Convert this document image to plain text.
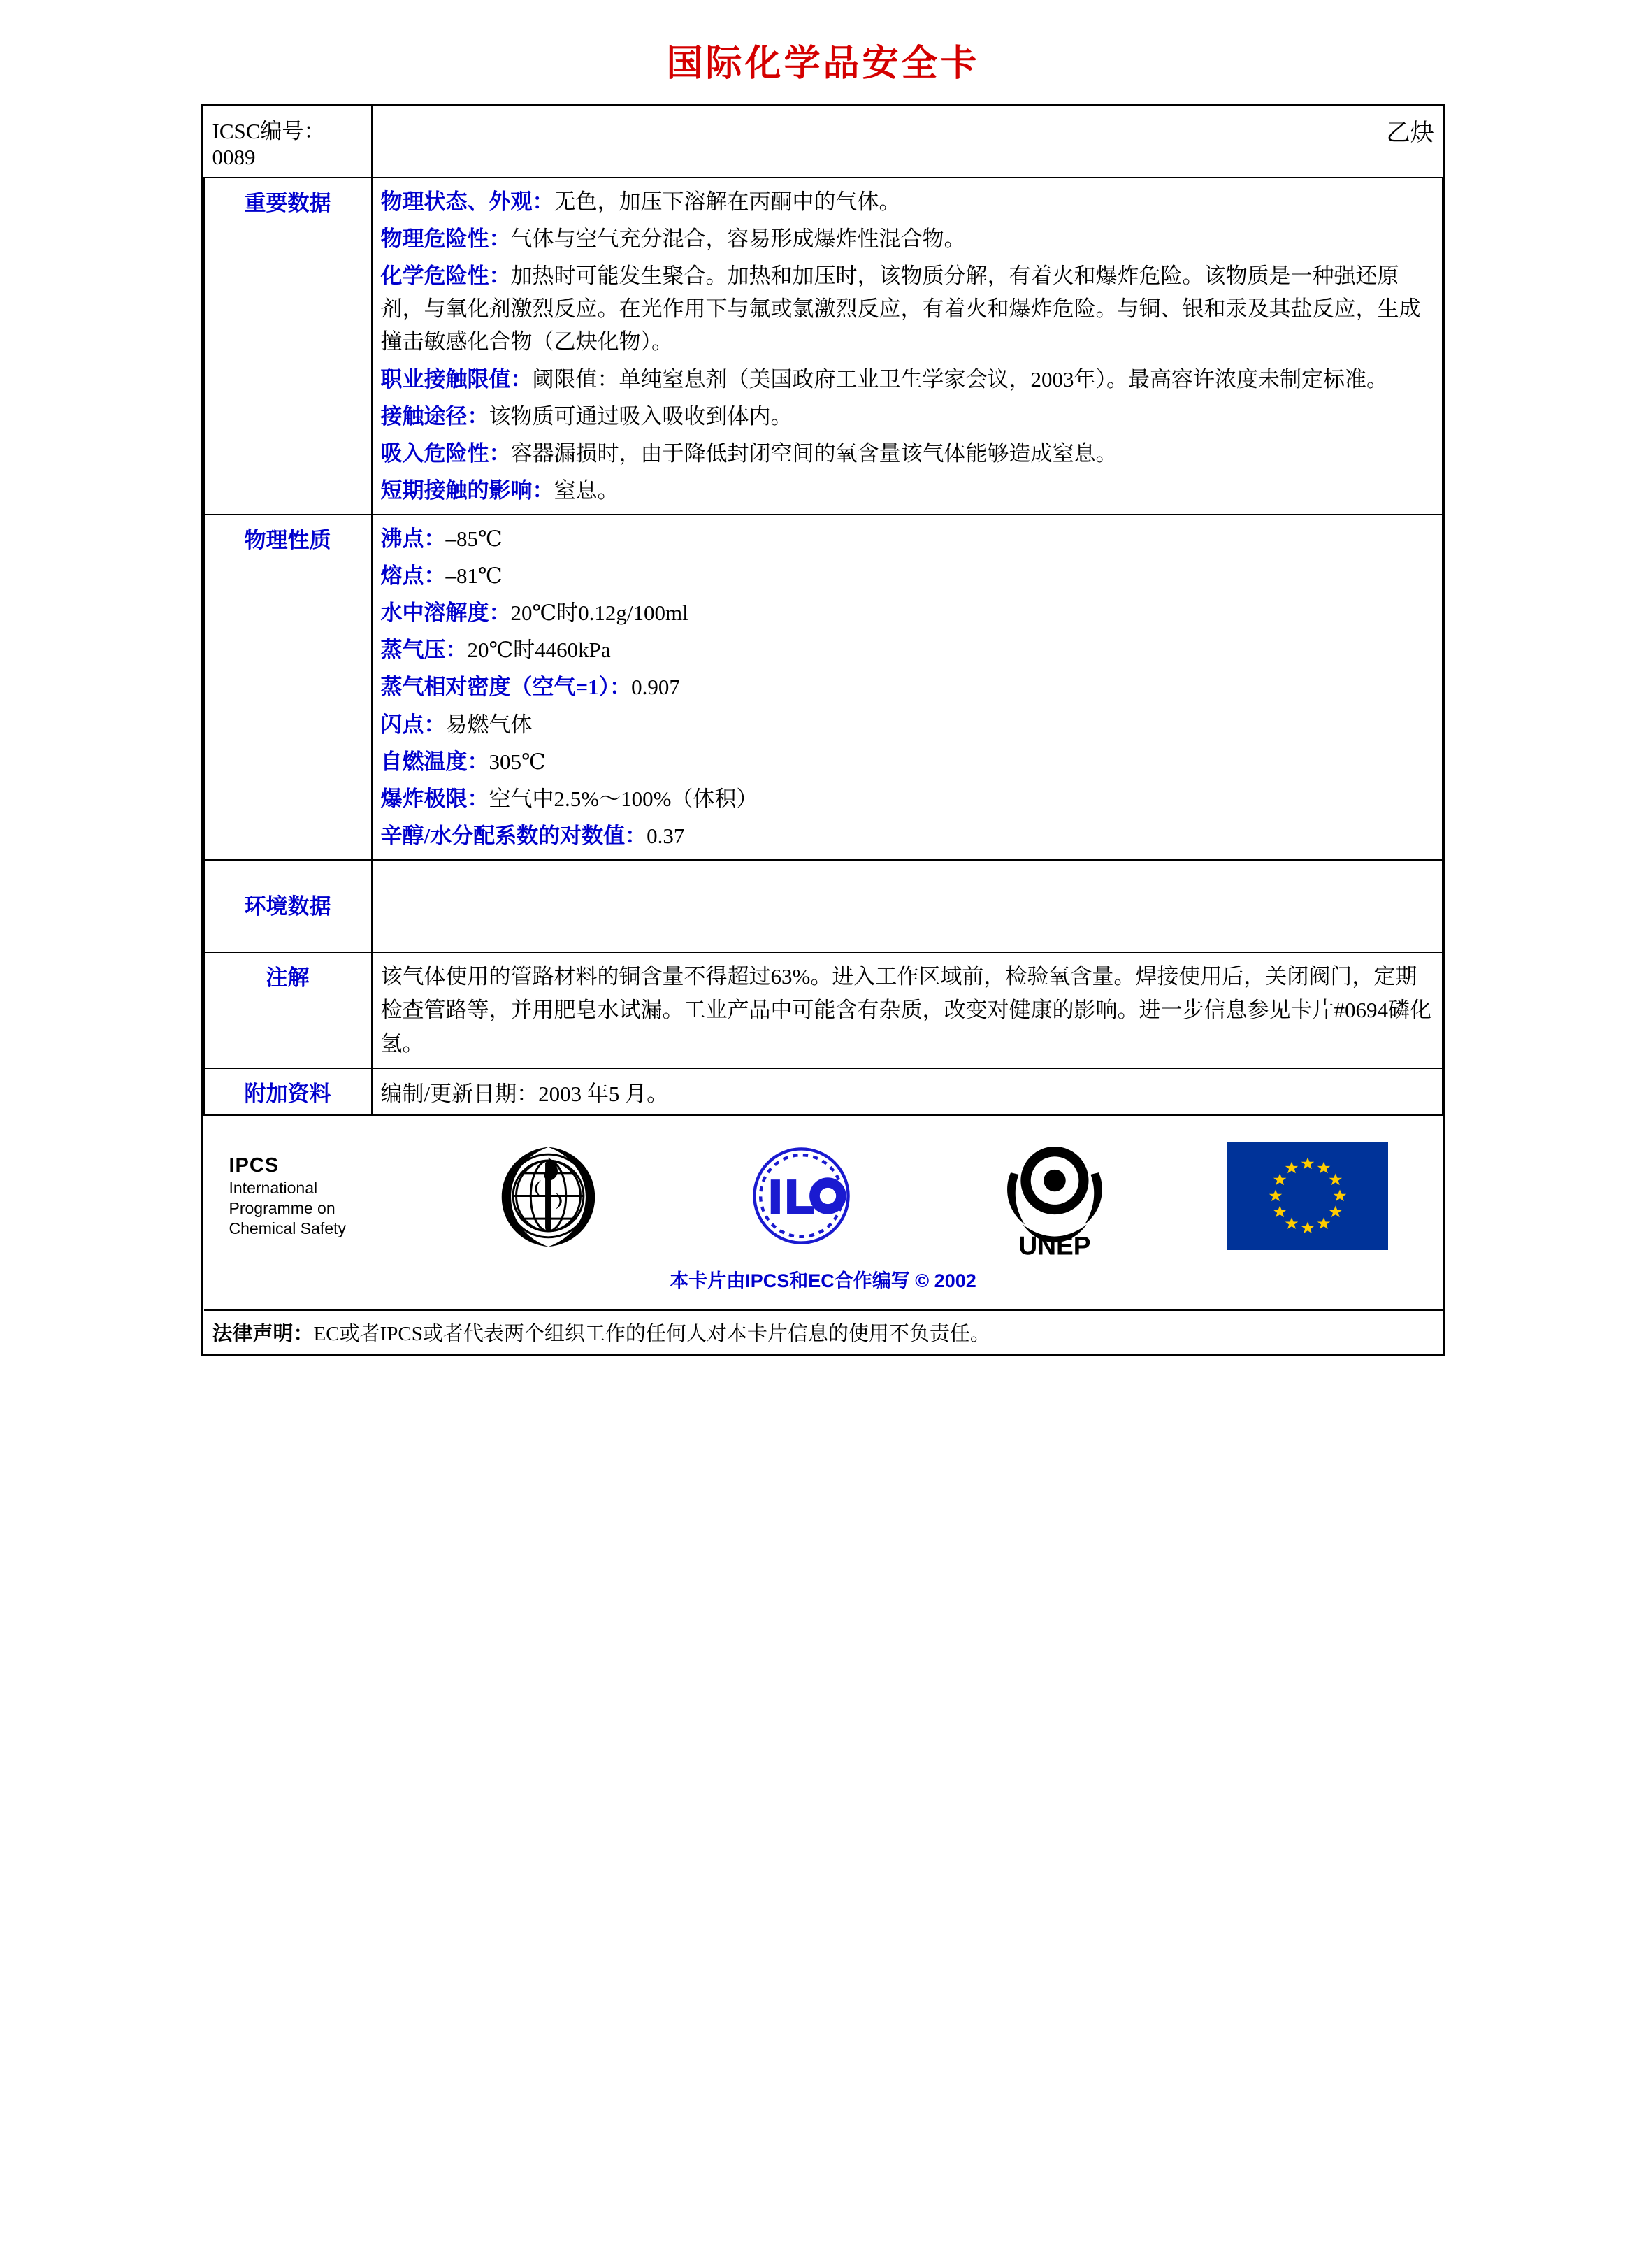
国际化学品安全卡
ICSC编号：0089	乙炔
重要数据	物理状态、外观：无色，加压下溶解在丙酮中的气体。

物理危险性：气体与空气充分混合，容易形成爆炸性混合物。

化学危险性：加热时可能发生聚合。加热和加压时，该物质分解，有着火和爆炸危险。该物质是一种强还原剂，与氧化剂激烈反应。在光作用下与氟或氯激烈反应，有着火和爆炸危险。与铜、银和汞及其盐反应，生成撞击敏感化合物（乙炔化物）。

职业接触限值：阈限值：单纯窒息剂（美国政府工业卫生学家会议，2003年）。最高容许浓度未制定标准。

接触途径：该物质可通过吸入吸收到体内。

吸入危险性：容器漏损时，由于降低封闭空间的氧含量该气体能够造成窒息。

短期接触的影响：窒息。

物理性质	沸点：–85℃

熔点：–81℃

水中溶解度：20℃时0.12g/100ml

蒸气压：20℃时4460kPa

蒸气相对密度（空气=1）：0.907

闪点：易燃气体

自燃温度：305℃

爆炸极限：空气中2.5%～100%（体积）

辛醇/水分配系数的对数值：0.37

环境数据	
注解	该气体使用的管路材料的铜含量不得超过63%。进入工作区域前，检验氧含量。焊接使用后，关闭阀门，定期检查管路等，并用肥皂水试漏。工业产品中可能含有杂质，改变对健康的影响。进一步信息参见卡片#0694磷化氢。
附加资料	编制/更新日期：2003 年5 月。

IPCS
International
Programme on
Chemical Safety
UNEP
本卡片由IPCS和EC合作编写 © 2002

法律声明：EC或者IPCS或者代表两个组织工作的任何人对本卡片信息的使用不负责任。	
